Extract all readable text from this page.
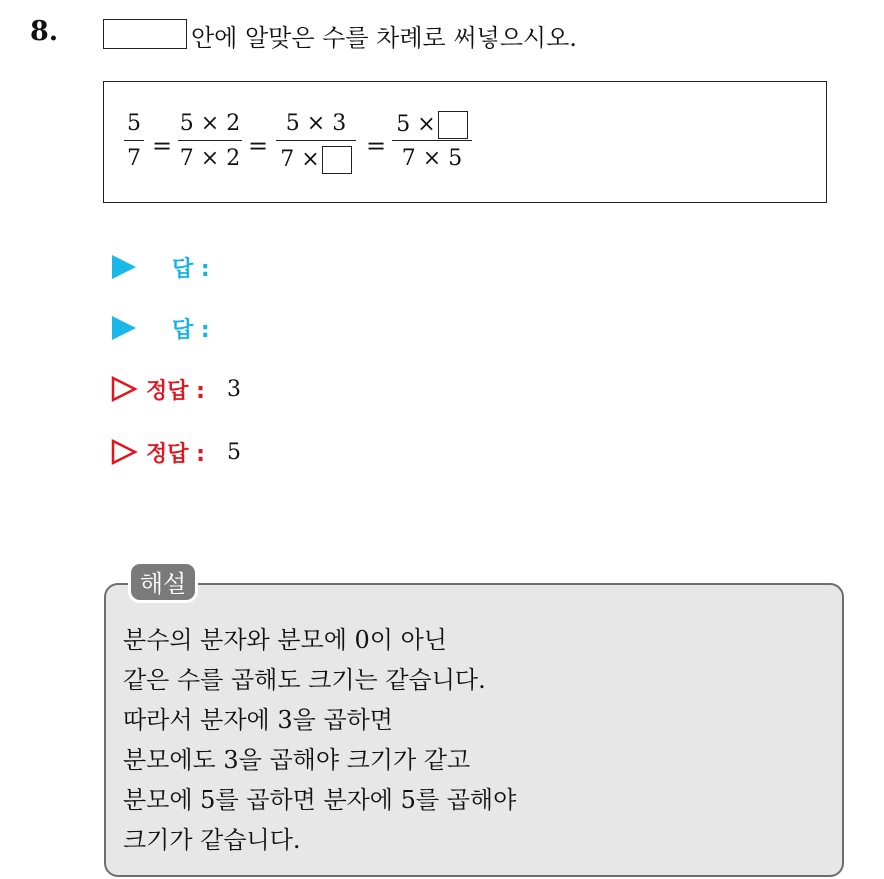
8.	안에 알맞은 수를 차례로 써넣으시오.
5
7 =
5 × 2
7 × 2 =
5 × 3
7 ×	=
5 ×
7 × 5
답 :
답 :
정답 : 3
정답 : 5
해설
분수의 분자와 분모에 0이 아닌
같은 수를 곱해도 크기는 같습니다.
따라서 분자에 3을 곱하면
분모에도 3을 곱해야 크기가 같고
분모에 5를 곱하면 분자에 5를 곱해야
크기가 같습니다.
